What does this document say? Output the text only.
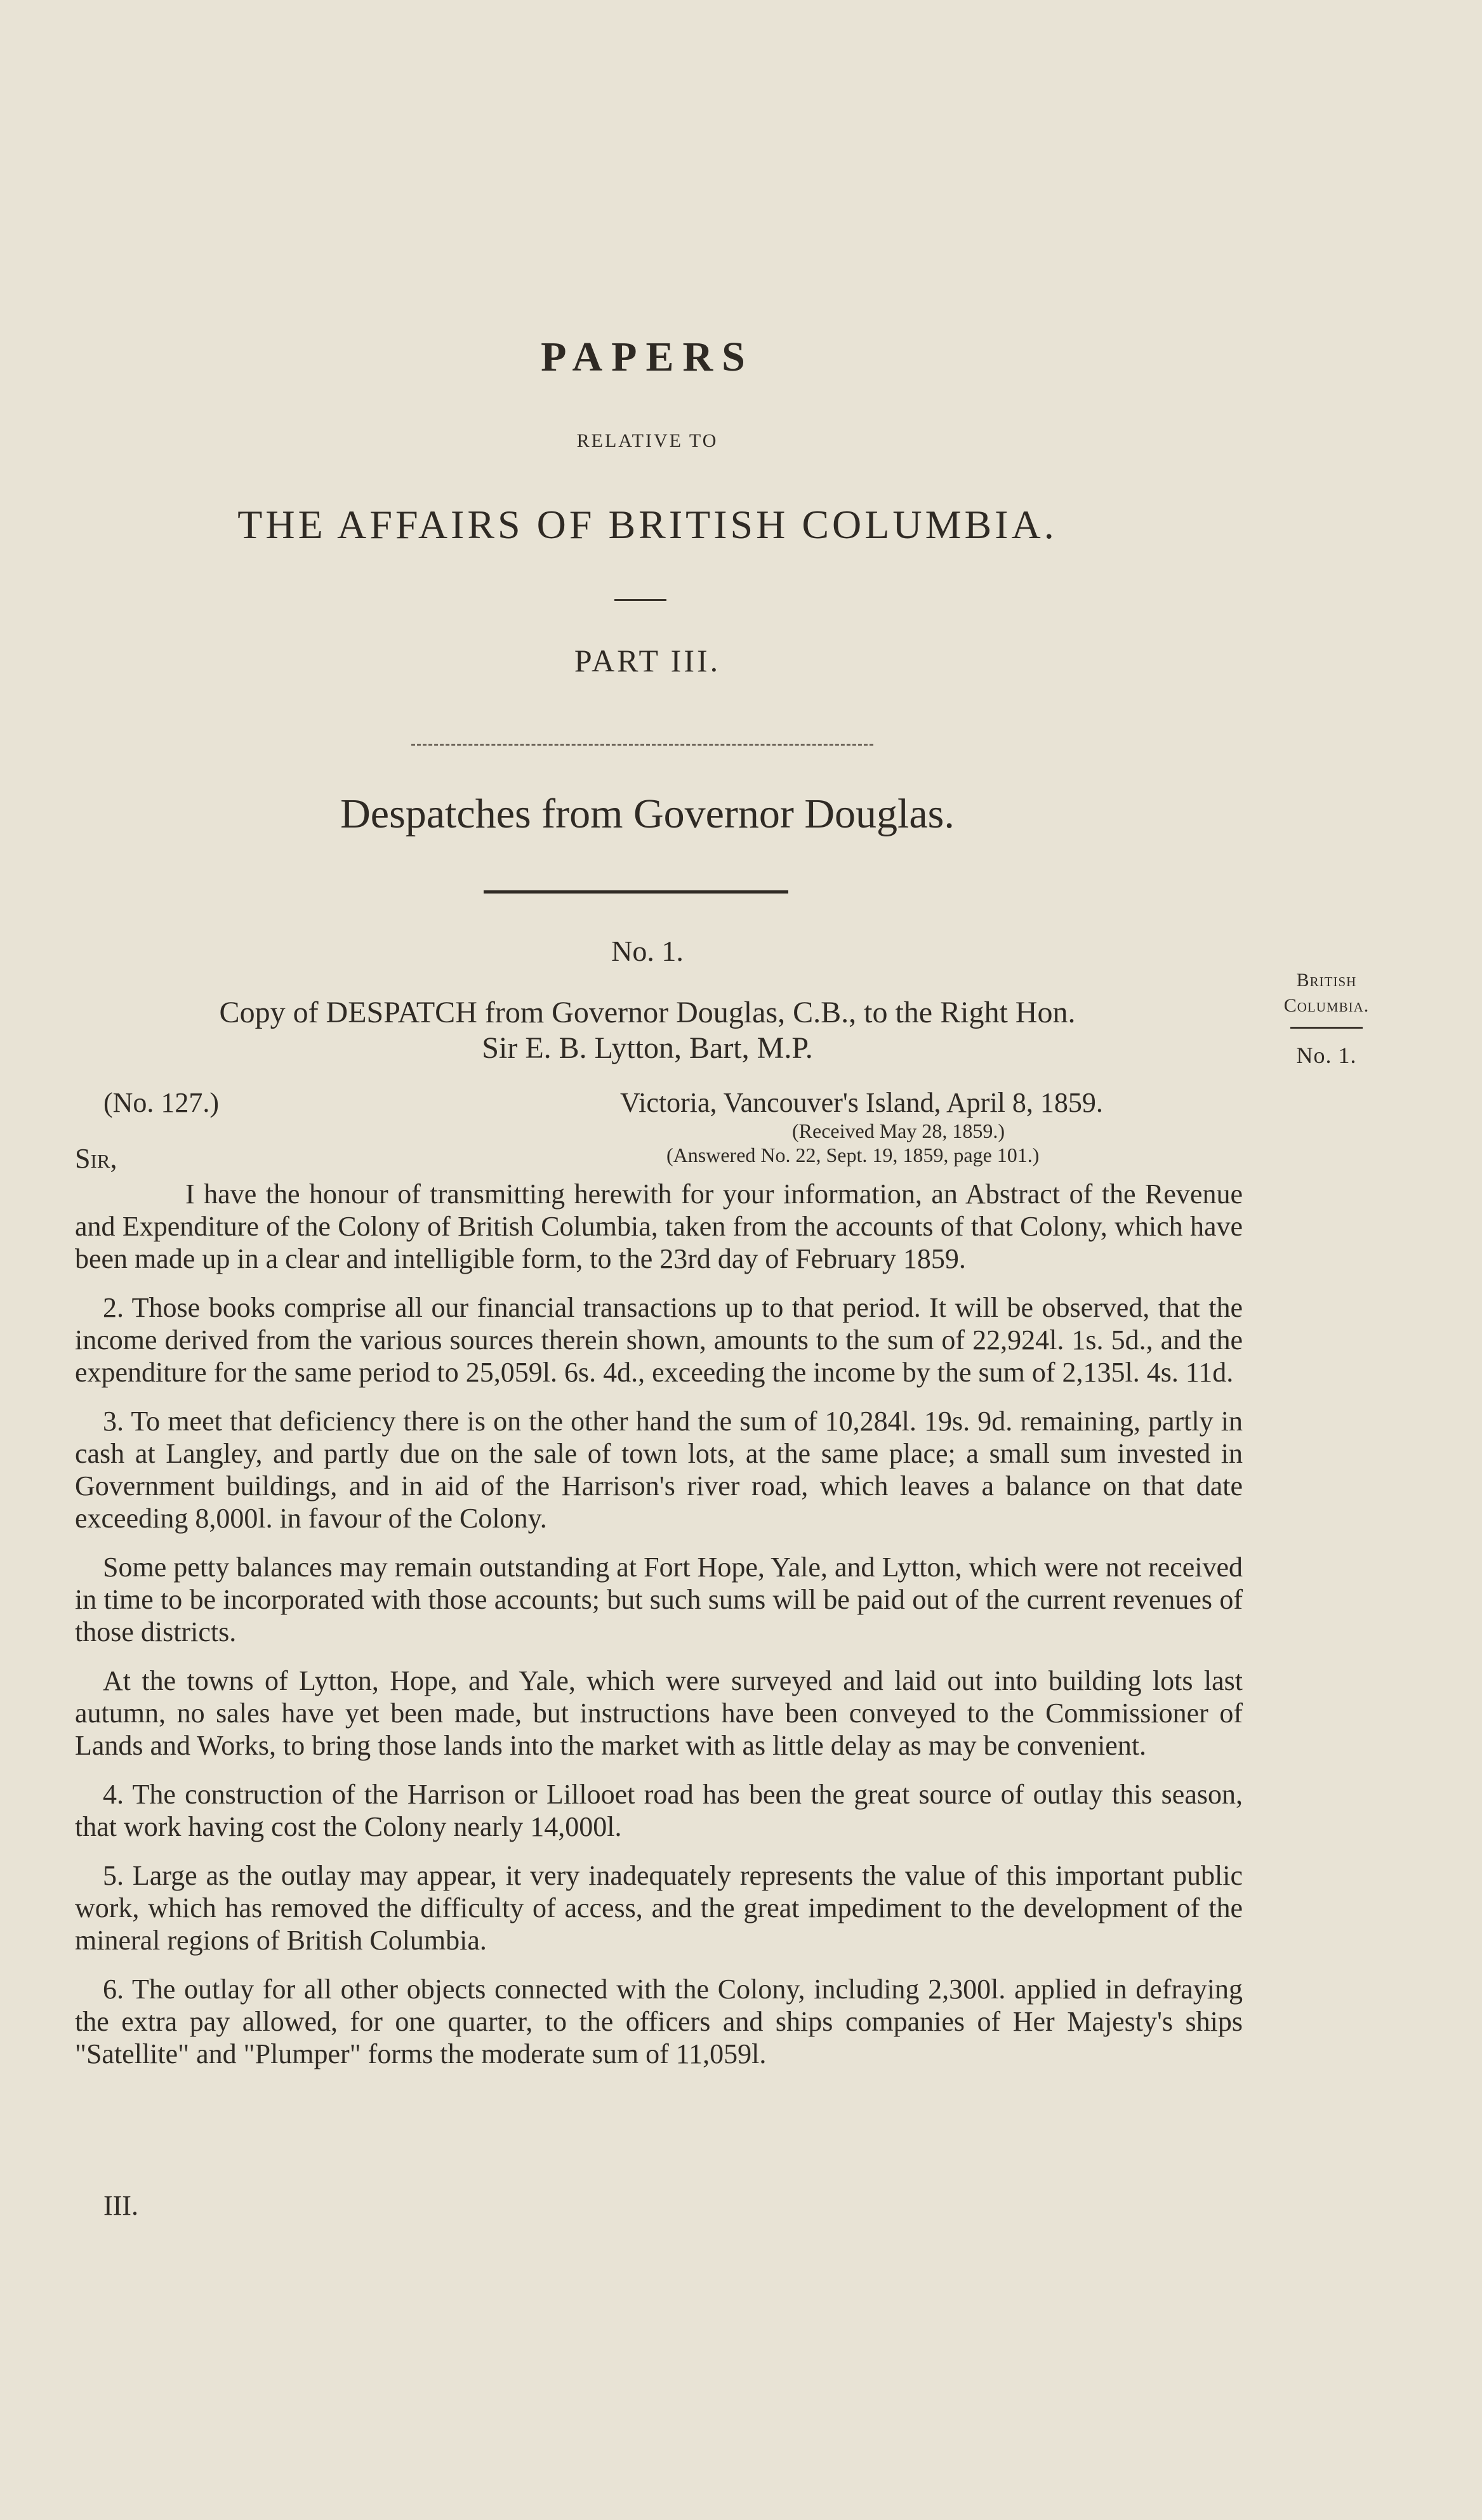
PAPERS
RELATIVE TO
THE AFFAIRS OF BRITISH COLUMBIA.
PART III.
Despatches from Governor Douglas.
No. 1.
Copy of DESPATCH from Governor Douglas, C.B., to the Right Hon.
Sir E. B. Lytton, Bart, M.P.
British
Columbia.
No. 1.
(No. 127.)	Victoria, Vancouver's Island, April 8, 1859.
(Received May 28, 1859.)
(Answered No. 22, Sept. 19, 1859, page 101.)
Sir,

I have the honour of transmitting herewith for your information, an Abstract of the Revenue and Expenditure of the Colony of British Columbia, taken from the accounts of that Colony, which have been made up in a clear and intelligible form, to the 23rd day of February 1859.

2. Those books comprise all our financial transactions up to that period. It will be observed, that the income derived from the various sources therein shown, amounts to the sum of 22,924l. 1s. 5d., and the expenditure for the same period to 25,059l. 6s. 4d., exceeding the income by the sum of 2,135l. 4s. 11d.

3. To meet that deficiency there is on the other hand the sum of 10,284l. 19s. 9d. remaining, partly in cash at Langley, and partly due on the sale of town lots, at the same place; a small sum invested in Government buildings, and in aid of the Harrison's river road, which leaves a balance on that date exceeding 8,000l. in favour of the Colony.

Some petty balances may remain outstanding at Fort Hope, Yale, and Lytton, which were not received in time to be incorporated with those accounts; but such sums will be paid out of the current revenues of those districts.

At the towns of Lytton, Hope, and Yale, which were surveyed and laid out into building lots last autumn, no sales have yet been made, but instructions have been conveyed to the Commissioner of Lands and Works, to bring those lands into the market with as little delay as may be convenient.

4. The construction of the Harrison or Lillooet road has been the great source of outlay this season, that work having cost the Colony nearly 14,000l.

5. Large as the outlay may appear, it very inadequately represents the value of this important public work, which has removed the difficulty of access, and the great impediment to the development of the mineral regions of British Columbia.

6. The outlay for all other objects connected with the Colony, including 2,300l. applied in defraying the extra pay allowed, for one quarter, to the officers and ships companies of Her Majesty's ships "Satellite" and "Plumper" forms the moderate sum of 11,059l.

III.
